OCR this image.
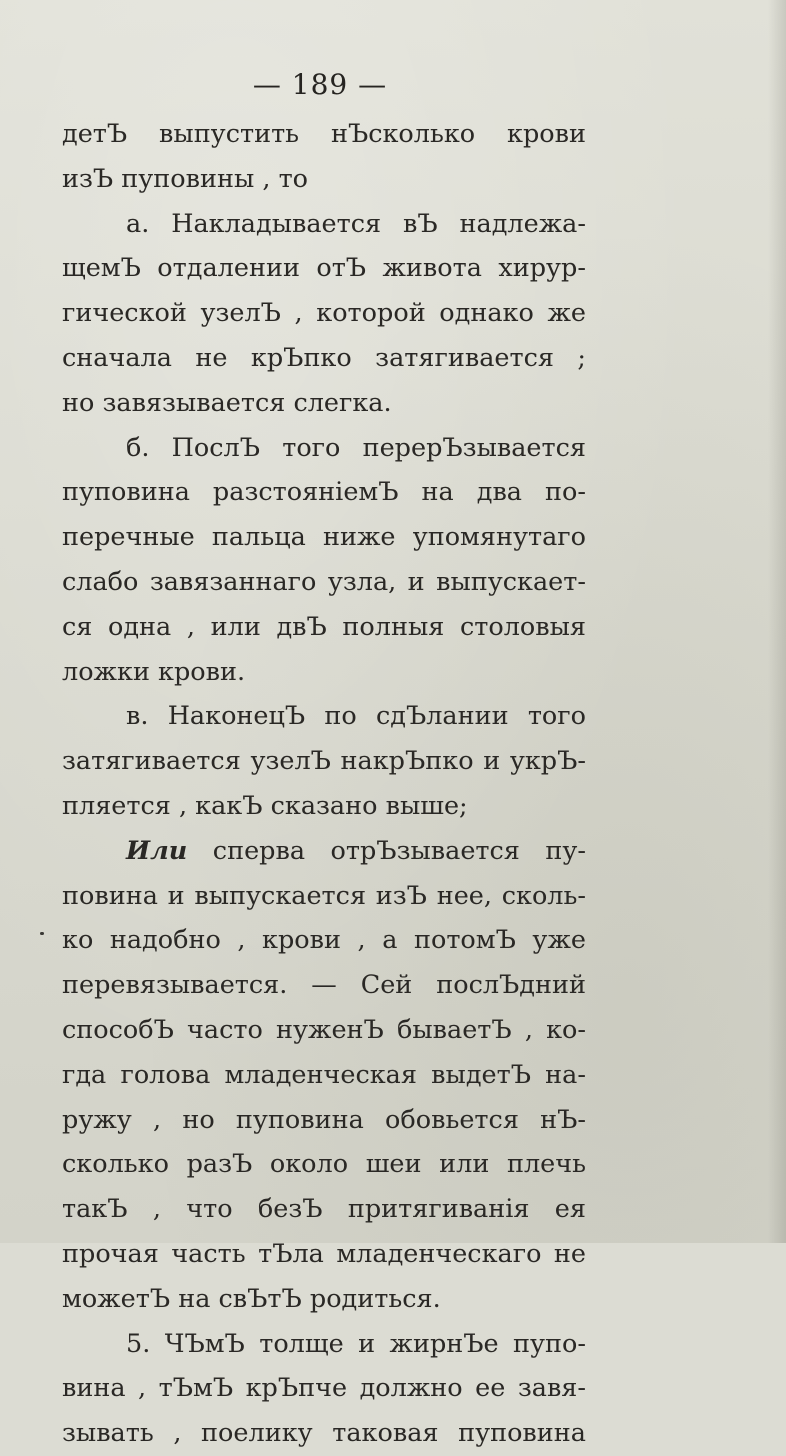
— 189 —
детЪ выпустить нЪсколько крови
изЪ пуповины , то
а. Накладывается вЪ надлежа-
щемЪ отдалении отЪ живота хирур-
гической узелЪ , которой однако же
сначала не крЪпко затягивается ;
но завязывается слегка.
б. ПослЪ того перерЪзывается
пуповина разстояніемЪ на два по-
перечные пальца ниже упомянутаго
слабо завязаннаго узла, и выпускает-
ся одна , или двЪ полныя столовыя
ложки крови.
в. НаконецЪ по сдЪлании того
затягивается узелЪ накрЪпко и укрЪ-
пляется , какЪ сказано выше;
Или сперва отрЪзывается пу-
повина и выпускается изЪ нее, сколь-
ко надобно , крови , а потомЪ уже
перевязывается. — Сей послЪдний
способЪ часто нуженЪ бываетЪ , ко-
гда голова младенческая выдетЪ на-
ружу , но пуповина обовьется нЪ-
сколько разЪ около шеи или плечь
такЪ , что безЪ притягиванія ея
прочая часть тЪла младенческаго не
можетЪ на свЪтЪ родиться.
5. ЧЪмЪ толще и жирнЪе пупо-
вина , тЪмЪ крЪпче должно ее завя-
зывать , поелику таковая пуповина
